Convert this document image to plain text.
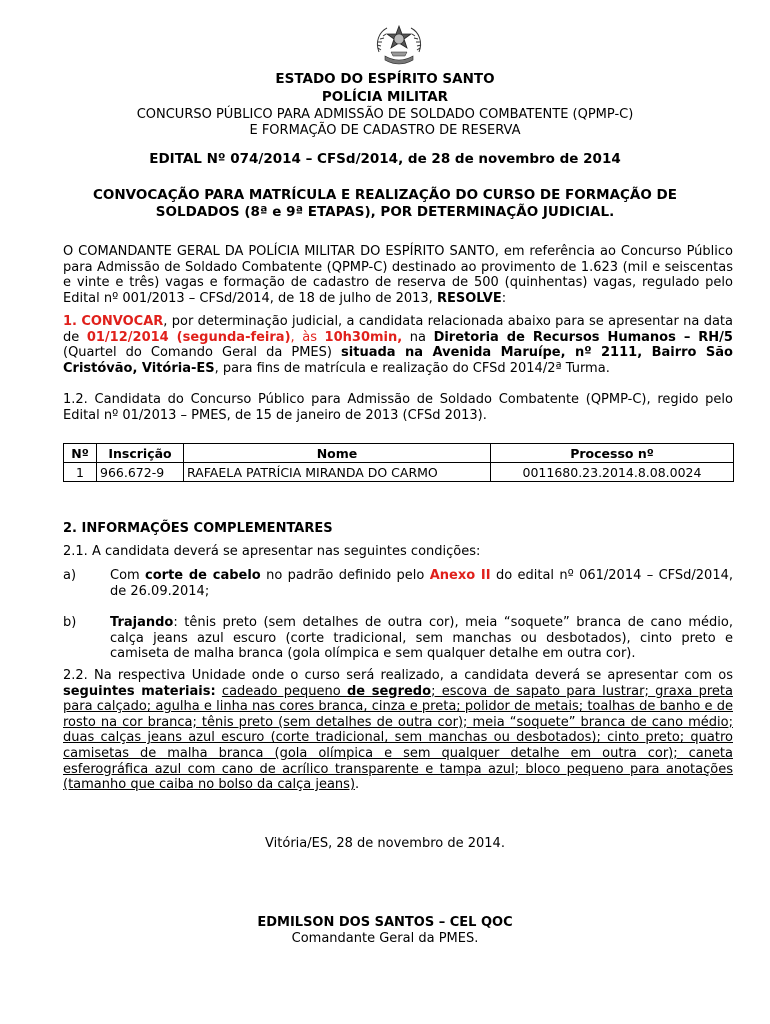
ESTADO DO ESPÍRITO SANTO
POLÍCIA MILITAR
CONCURSO PÚBLICO PARA ADMISSÃO DE SOLDADO COMBATENTE (QPMP-C)
E FORMAÇÃO DE CADASTRO DE RESERVA
EDITAL Nº 074/2014 – CFSd/2014, de 28 de novembro de 2014
CONVOCAÇÃO PARA MATRÍCULA E REALIZAÇÃO DO CURSO DE FORMAÇÃO DE
SOLDADOS (8ª e 9ª ETAPAS), POR DETERMINAÇÃO JUDICIAL.
O COMANDANTE GERAL DA POLÍCIA MILITAR DO ESPÍRITO SANTO, em referência ao Concurso Público para Admissão de Soldado Combatente (QPMP-C) destinado ao provimento de 1.623 (mil e seiscentas e vinte e três) vagas e formação de cadastro de reserva de 500 (quinhentas) vagas, regulado pelo Edital nº 001/2013 – CFSd/2014, de 18 de julho de 2013, RESOLVE:
1. CONVOCAR, por determinação judicial, a candidata relacionada abaixo para se apresentar na data de 01/12/2014 (segunda-feira), às 10h30min, na Diretoria de Recursos Humanos – RH/5 (Quartel do Comando Geral da PMES) situada na Avenida Maruípe, nº 2111, Bairro São Cristóvão, Vitória-ES, para fins de matrícula e realização do CFSd 2014/2ª Turma.
1.2. Candidata do Concurso Público para Admissão de Soldado Combatente (QPMP-C), regido pelo Edital nº 01/2013 – PMES, de 15 de janeiro de 2013 (CFSd 2013).
Nº	Inscrição	Nome	Processo nº
1	966.672-9	RAFAELA PATRÍCIA MIRANDA DO CARMO	0011680.23.2014.8.08.0024
2. INFORMAÇÕES COMPLEMENTARES
2.1. A candidata deverá se apresentar nas seguintes condições:
a)	Com corte de cabelo no padrão definido pelo Anexo II do edital nº 061/2014 – CFSd/2014, de 26.09.2014;
b)	Trajando: tênis preto (sem detalhes de outra cor), meia “soquete” branca de cano médio, calça jeans azul escuro (corte tradicional, sem manchas ou desbotados), cinto preto e camiseta de malha branca (gola olímpica e sem qualquer detalhe em outra cor).
2.2. Na respectiva Unidade onde o curso será realizado, a candidata deverá se apresentar com os seguintes materiais: cadeado pequeno de segredo; escova de sapato para lustrar; graxa preta para calçado; agulha e linha nas cores branca, cinza e preta; polidor de metais; toalhas de banho e de rosto na cor branca; tênis preto (sem detalhes de outra cor); meia “soquete” branca de cano médio; duas calças jeans azul escuro (corte tradicional, sem manchas ou desbotados); cinto preto; quatro camisetas de malha branca (gola olímpica e sem qualquer detalhe em outra cor); caneta esferográfica azul com cano de acrílico transparente e tampa azul; bloco pequeno para anotações (tamanho que caiba no bolso da calça jeans).
Vitória/ES, 28 de novembro de 2014.
EDMILSON DOS SANTOS – CEL QOC
Comandante Geral da PMES.
